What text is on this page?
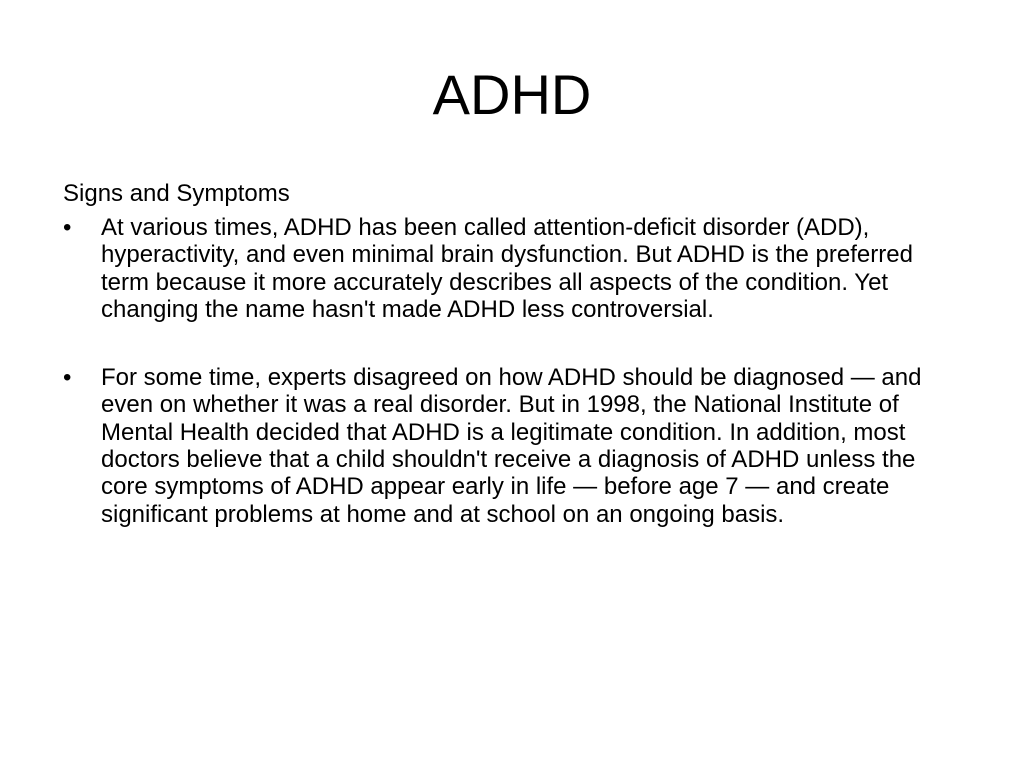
ADHD

Signs and Symptoms

•	At various times, ADHD has been called attention-deficit disorder (ADD), hyperactivity, and even minimal brain dysfunction. But ADHD is the preferred term because it more accurately describes all aspects of the condition. Yet changing the name hasn't made ADHD less controversial.
•	For some time, experts disagreed on how ADHD should be diagnosed — and even on whether it was a real disorder. But in 1998, the National Institute of Mental Health decided that ADHD is a legitimate condition. In addition, most doctors believe that a child shouldn't receive a diagnosis of ADHD unless the core symptoms of ADHD appear early in life — before age 7 — and create significant problems at home and at school on an ongoing basis.
